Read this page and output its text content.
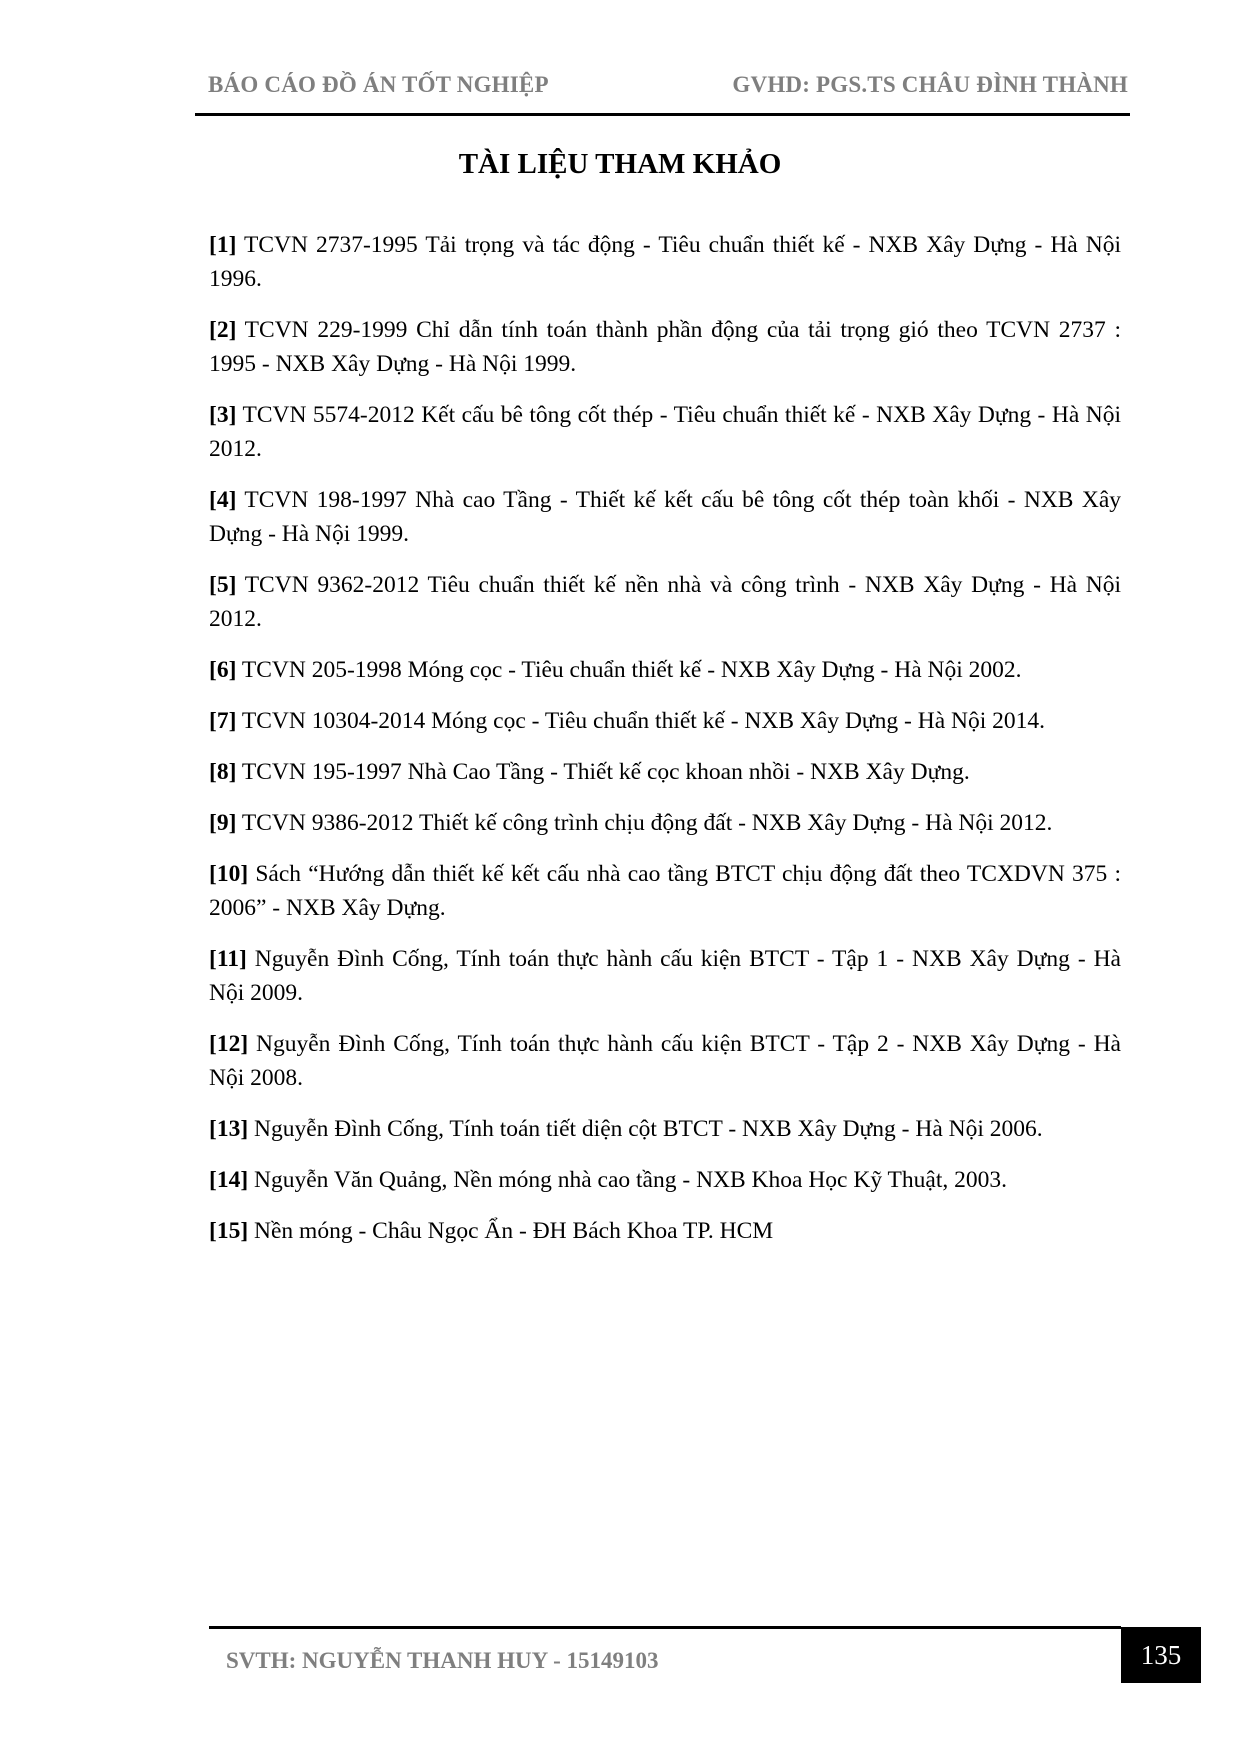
BÁO CÁO ĐỒ ÁN TỐT NGHIỆP	GVHD: PGS.TS CHÂU ĐÌNH THÀNH
TÀI LIỆU THAM KHẢO

[1] TCVN 2737-1995 Tải trọng và tác động - Tiêu chuẩn thiết kế - NXB Xây Dựng - Hà Nội 1996.

[2] TCVN 229-1999 Chỉ dẫn tính toán thành phần động của tải trọng gió theo TCVN 2737 : 1995 - NXB Xây Dựng - Hà Nội 1999.

[3] TCVN 5574-2012 Kết cấu bê tông cốt thép - Tiêu chuẩn thiết kế - NXB Xây Dựng - Hà Nội 2012.

[4] TCVN 198-1997 Nhà cao Tầng - Thiết kế kết cấu bê tông cốt thép toàn khối - NXB Xây Dựng - Hà Nội 1999.

[5] TCVN 9362-2012 Tiêu chuẩn thiết kế nền nhà và công trình - NXB Xây Dựng - Hà Nội 2012.

[6] TCVN 205-1998 Móng cọc - Tiêu chuẩn thiết kế - NXB Xây Dựng - Hà Nội 2002.

[7] TCVN 10304-2014 Móng cọc - Tiêu chuẩn thiết kế - NXB Xây Dựng - Hà Nội 2014.

[8] TCVN 195-1997 Nhà Cao Tầng - Thiết kế cọc khoan nhồi - NXB Xây Dựng.

[9] TCVN 9386-2012 Thiết kế công trình chịu động đất - NXB Xây Dựng - Hà Nội 2012.

[10] Sách “Hướng dẫn thiết kế kết cấu nhà cao tầng BTCT chịu động đất theo TCXDVN 375 : 2006” - NXB Xây Dựng.

[11] Nguyễn Đình Cống, Tính toán thực hành cấu kiện BTCT - Tập 1 - NXB Xây Dựng - Hà Nội 2009.

[12] Nguyễn Đình Cống, Tính toán thực hành cấu kiện BTCT - Tập 2 - NXB Xây Dựng - Hà Nội 2008.

[13] Nguyễn Đình Cống, Tính toán tiết diện cột BTCT - NXB Xây Dựng - Hà Nội 2006.

[14] Nguyễn Văn Quảng, Nền móng nhà cao tầng - NXB Khoa Học Kỹ Thuật, 2003.

[15] Nền móng - Châu Ngọc Ẩn - ĐH Bách Khoa TP. HCM

SVTH: NGUYỄN THANH HUY - 15149103	135
